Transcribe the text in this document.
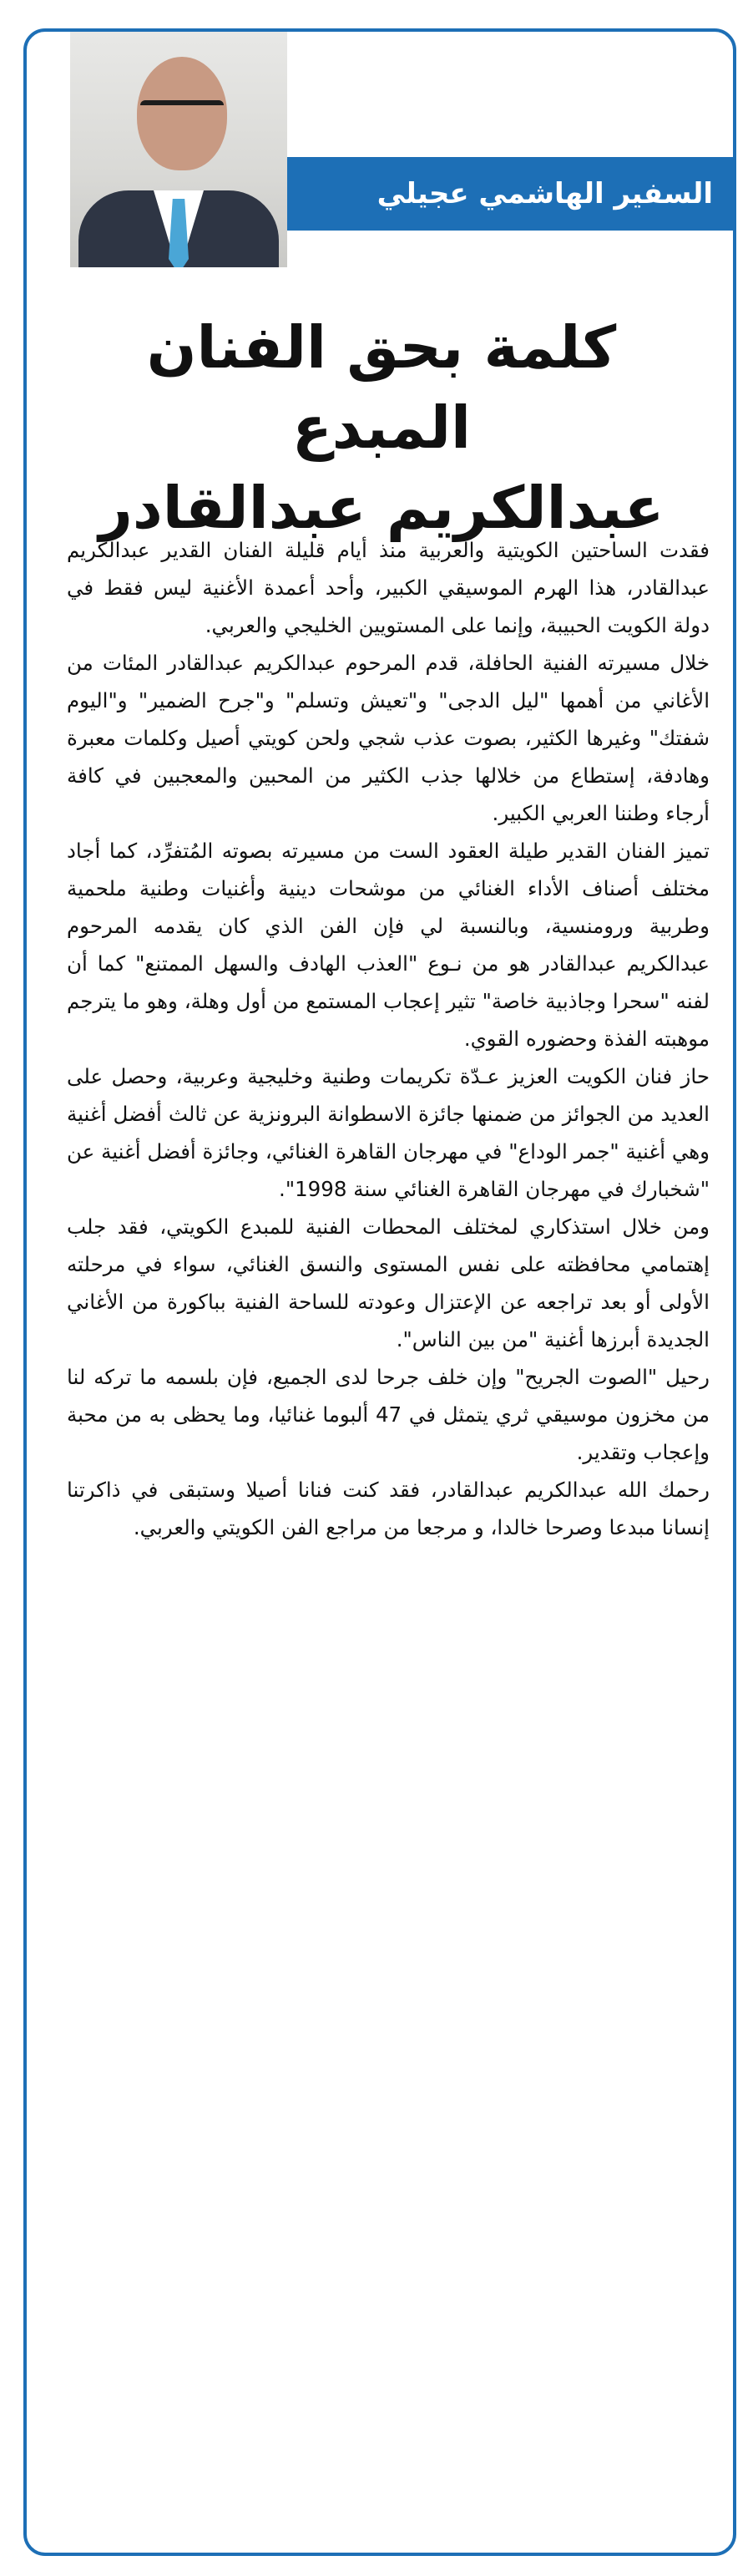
السفير الهاشمي عجيلي
كلمة بحق الفنان المبدع
عبدالكريم عبدالقادر

فقدت الساحتين الكويتية والعربية منذ أيام قليلة الفنان القدير عبدالكريم عبدالقادر، هذا الهرم الموسيقي الكبير، وأحد أعمدة الأغنية ليس فقط في دولة الكويت الحبيبة، وإنما على المستويين الخليجي والعربي.

خلال مسيرته الفنية الحافلة، قدم المرحوم عبدالكريم عبدالقادر المئات من الأغاني من أهمها "ليل الدجى" و"تعيش وتسلم" و"جرح الضمير" و"اليوم شفتك" وغيرها الكثير، بصوت عذب شجي ولحن كويتي أصيل وكلمات معبرة وهادفة، إستطاع من خلالها جذب الكثير من المحبين والمعجبين في كافة أرجاء وطننا العربي الكبير.

تميز الفنان القدير طيلة العقود الست من مسيرته بصوته المُتفرِّد، كما أجاد مختلف أصناف الأداء الغنائي من موشحات دينية وأغنيات وطنية ملحمية وطربية ورومنسية، وبالنسبة لي فإن الفن الذي كان يقدمه المرحوم عبدالكريم عبدالقادر هو من نـوع "العذب الهادف والسهل الممتنع" كما أن لفنه "سحرا وجاذبية خاصة" تثير إعجاب المستمع من أول وهلة، وهو ما يترجم موهبته الفذة وحضوره القوي.

حاز فنان الكويت العزيز عـدّة تكريمات وطنية وخليجية وعربية، وحصل على العديد من الجوائز من ضمنها جائزة الاسطوانة البرونزية عن ثالث أفضل أغنية وهي أغنية "جمر الوداع" في مهرجان القاهرة الغنائي، وجائزة أفضل أغنية عن "شخبارك في مهرجان القاهرة الغنائي سنة 1998".

ومن خلال استذكاري لمختلف المحطات الفنية للمبدع الكويتي، فقد جلب إهتمامي محافظته على نفس المستوى والنسق الغنائي، سواء في مرحلته الأولى أو بعد تراجعه عن الإعتزال وعودته للساحة الفنية بباكورة من الأغاني الجديدة أبرزها أغنية "من بين الناس".

رحيل "الصوت الجريح" وإن خلف جرحا لدى الجميع، فإن بلسمه ما تركه لنا من مخزون موسيقي ثري يتمثل في 47 ألبوما غنائيا، وما يحظى به من محبة وإعجاب وتقدير.

رحمك الله عبدالكريم عبدالقادر، فقد كنت فنانا أصيلا وستبقى في ذاكرتنا إنسانا مبدعا وصرحا خالدا، و مرجعا من مراجع الفن الكويتي والعربي.
